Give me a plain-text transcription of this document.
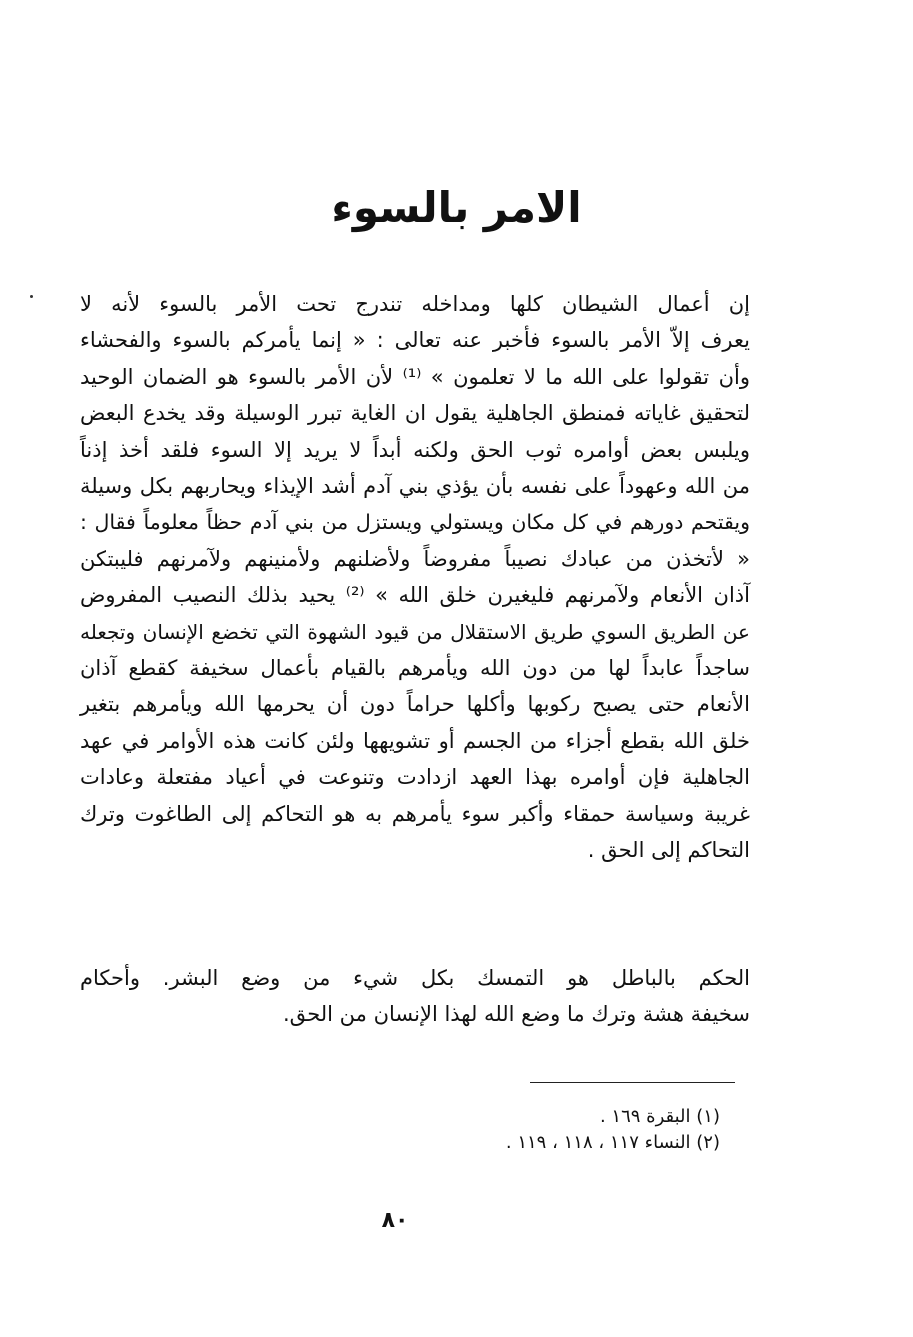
الامر بالسوء
إن أعمال الشيطان كلها ومداخله تندرج تحت الأمر بالسوء لأنه لا
يعرف إلاّ الأمر بالسوء فأخبر عنه تعالى : « إنما يأمركم بالسوء والفحشاء
وأن تقولوا على الله ما لا تعلمون » ⁽¹⁾ لأن الأمر بالسوء هو الضمان الوحيد
لتحقيق غاياته فمنطق الجاهلية يقول ان الغاية تبرر الوسيلة وقد يخدع البعض
ويلبس بعض أوامره ثوب الحق ولكنه أبداً لا يريد إلا السوء فلقد أخذ إذناً
من الله وعهوداً على نفسه بأن يؤذي بني آدم أشد الإيذاء ويحاربهم بكل وسيلة
ويقتحم دورهم في كل مكان ويستولي ويستزل من بني آدم حظاً معلوماً فقال :
« لأتخذن من عبادك نصيباً مفروضاً ولأضلنهم ولأمنينهم ولآمرنهم فليبتكن
آذان الأنعام ولآمرنهم فليغيرن خلق الله » ⁽²⁾ يحيد بذلك النصيب المفروض
عن الطريق السوي طريق الاستقلال من قيود الشهوة التي تخضع الإنسان وتجعله
ساجداً عابداً لها من دون الله ويأمرهم بالقيام بأعمال سخيفة كقطع آذان
الأنعام حتى يصبح ركوبها وأكلها حراماً دون أن يحرمها الله ويأمرهم بتغير
خلق الله بقطع أجزاء من الجسم أو تشويهها ولئن كانت هذه الأوامر في عهد
الجاهلية فإن أوامره بهذا العهد ازدادت وتنوعت في أعياد مفتعلة وعادات
غريبة وسياسة حمقاء وأكبر سوء يأمرهم به هو التحاكم إلى الطاغوت وترك
التحاكم إلى الحق .
الحكم بالباطل هو التمسك بكل شيء من وضع البشر. وأحكام
سخيفة هشة وترك ما وضع الله لهذا الإنسان من الحق.
(١) البقرة ١٦٩ .
(٢) النساء ١١٧ ، ١١٨ ، ١١٩ .
٨٠
